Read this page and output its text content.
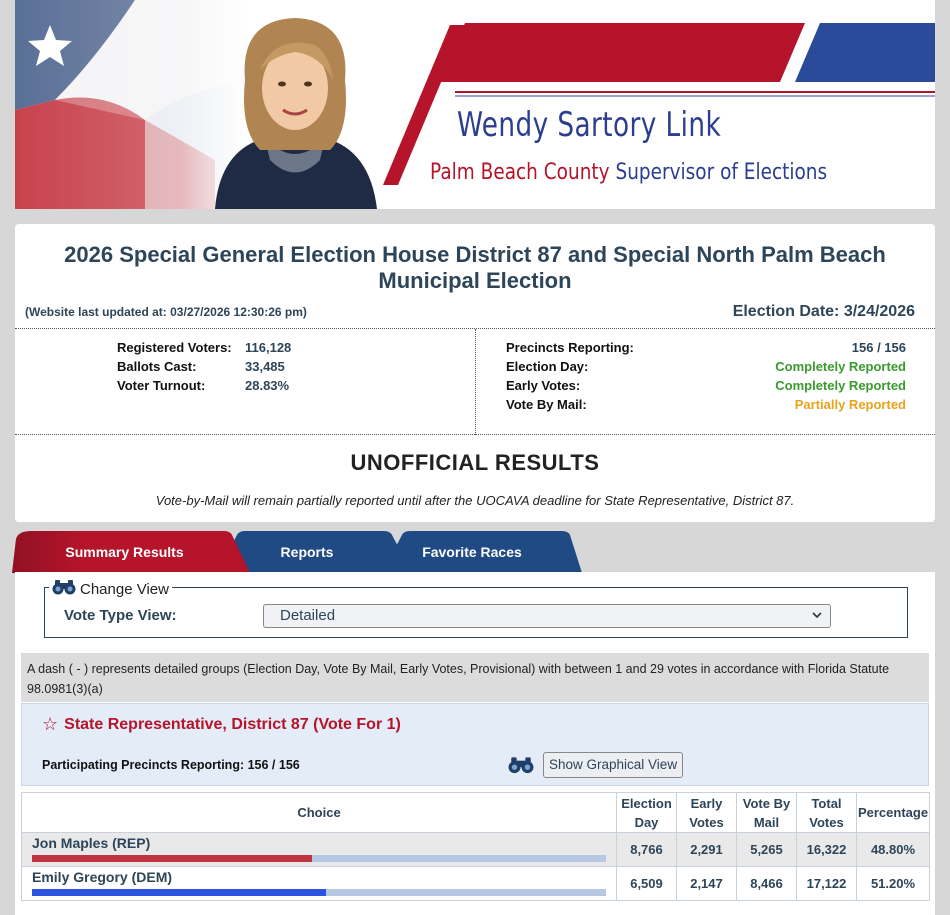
Wendy Sartory Link
Palm Beach County Supervisor of Elections
2026 Special General Election House District 87 and Special North Palm Beach Municipal Election
(Website last updated at: 03/27/2026 12:30:26 pm)	Election Date: 3/24/2026
Registered Voters: 116,128
Ballots Cast:	33,485
Voter Turnout:	28.83%
Precincts Reporting:	156 / 156
Election Day:	Completely Reported
Early Votes:	Completely Reported
Vote By Mail:	Partially Reported
UNOFFICIAL RESULTS
Vote-by-Mail will remain partially reported until after the UOCAVA deadline for State Representative, District 87.
Summary Results	Reports	Favorite Races
Change View
Vote Type View:	Detailed
A dash ( - ) represents detailed groups (Election Day, Vote By Mail, Early Votes, Provisional) with between 1 and 29 votes in accordance with Florida Statute 98.0981(3)(a)
☆ State Representative, District 87 (Vote For 1)
Participating Precincts Reporting: 156 / 156	Show Graphical View
Choice	Election Day	Early Votes	Vote By Mail	Total Votes	Percentage

Jon Maples (REP)	8,766	2,291	5,265	16,322	48.80%

Emily Gregory (DEM)	6,509	2,147	8,466	17,122	51.20%
